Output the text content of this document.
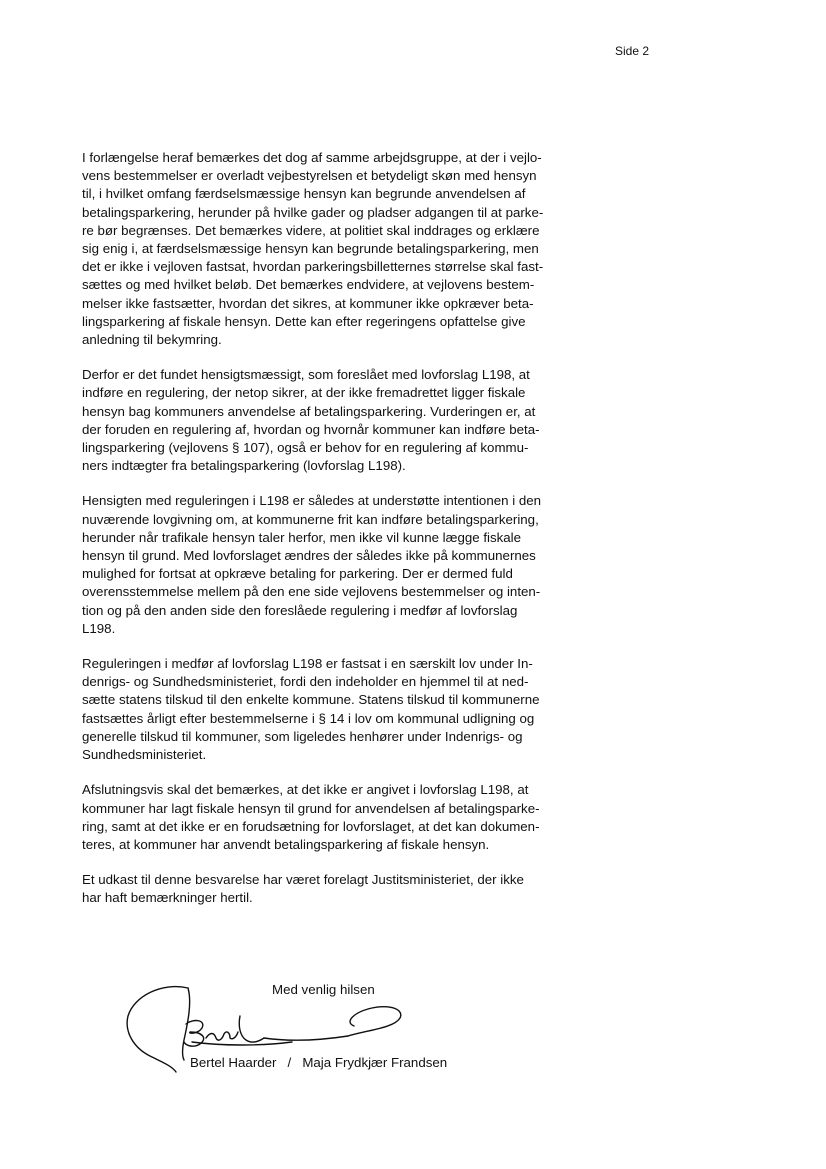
Side 2

I forlængelse heraf bemærkes det dog af samme arbejdsgruppe, at der i vejlo-
vens bestemmelser er overladt vejbestyrelsen et betydeligt skøn med hensyn
til, i hvilket omfang færdselsmæssige hensyn kan begrunde anvendelsen af
betalingsparkering, herunder på hvilke gader og pladser adgangen til at parke-
re bør begrænses. Det bemærkes videre, at politiet skal inddrages og erklære
sig enig i, at færdselsmæssige hensyn kan begrunde betalingsparkering, men
det er ikke i vejloven fastsat, hvordan parkeringsbilletternes størrelse skal fast-
sættes og med hvilket beløb. Det bemærkes endvidere, at vejlovens bestem-
melser ikke fastsætter, hvordan det sikres, at kommuner ikke opkræver beta-
lingsparkering af fiskale hensyn. Dette kan efter regeringens opfattelse give
anledning til bekymring.

Derfor er det fundet hensigtsmæssigt, som foreslået med lovforslag L198, at
indføre en regulering, der netop sikrer, at der ikke fremadrettet ligger fiskale
hensyn bag kommuners anvendelse af betalingsparkering. Vurderingen er, at
der foruden en regulering af, hvordan og hvornår kommuner kan indføre beta-
lingsparkering (vejlovens § 107), også er behov for en regulering af kommu-
ners indtægter fra betalingsparkering (lovforslag L198).

Hensigten med reguleringen i L198 er således at understøtte intentionen i den
nuværende lovgivning om, at kommunerne frit kan indføre betalingsparkering,
herunder når trafikale hensyn taler herfor, men ikke vil kunne lægge fiskale
hensyn til grund. Med lovforslaget ændres der således ikke på kommunernes
mulighed for fortsat at opkræve betaling for parkering. Der er dermed fuld
overensstemmelse mellem på den ene side vejlovens bestemmelser og inten-
tion og på den anden side den foreslåede regulering i medfør af lovforslag
L198.

Reguleringen i medfør af lovforslag L198 er fastsat i en særskilt lov under In-
denrigs- og Sundhedsministeriet, fordi den indeholder en hjemmel til at ned-
sætte statens tilskud til den enkelte kommune. Statens tilskud til kommunerne
fastsættes årligt efter bestemmelserne i § 14 i lov om kommunal udligning og
generelle tilskud til kommuner, som ligeledes henhører under Indenrigs- og
Sundhedsministeriet.

Afslutningsvis skal det bemærkes, at det ikke er angivet i lovforslag L198, at
kommuner har lagt fiskale hensyn til grund for anvendelsen af betalingsparke-
ring, samt at det ikke er en forudsætning for lovforslaget, at det kan dokumen-
teres, at kommuner har anvendt betalingsparkering af fiskale hensyn.

Et udkast til denne besvarelse har været forelagt Justitsministeriet, der ikke
har haft bemærkninger hertil.

Med venlig hilsen
Bertel Haarder   /   Maja Frydkjær Frandsen
